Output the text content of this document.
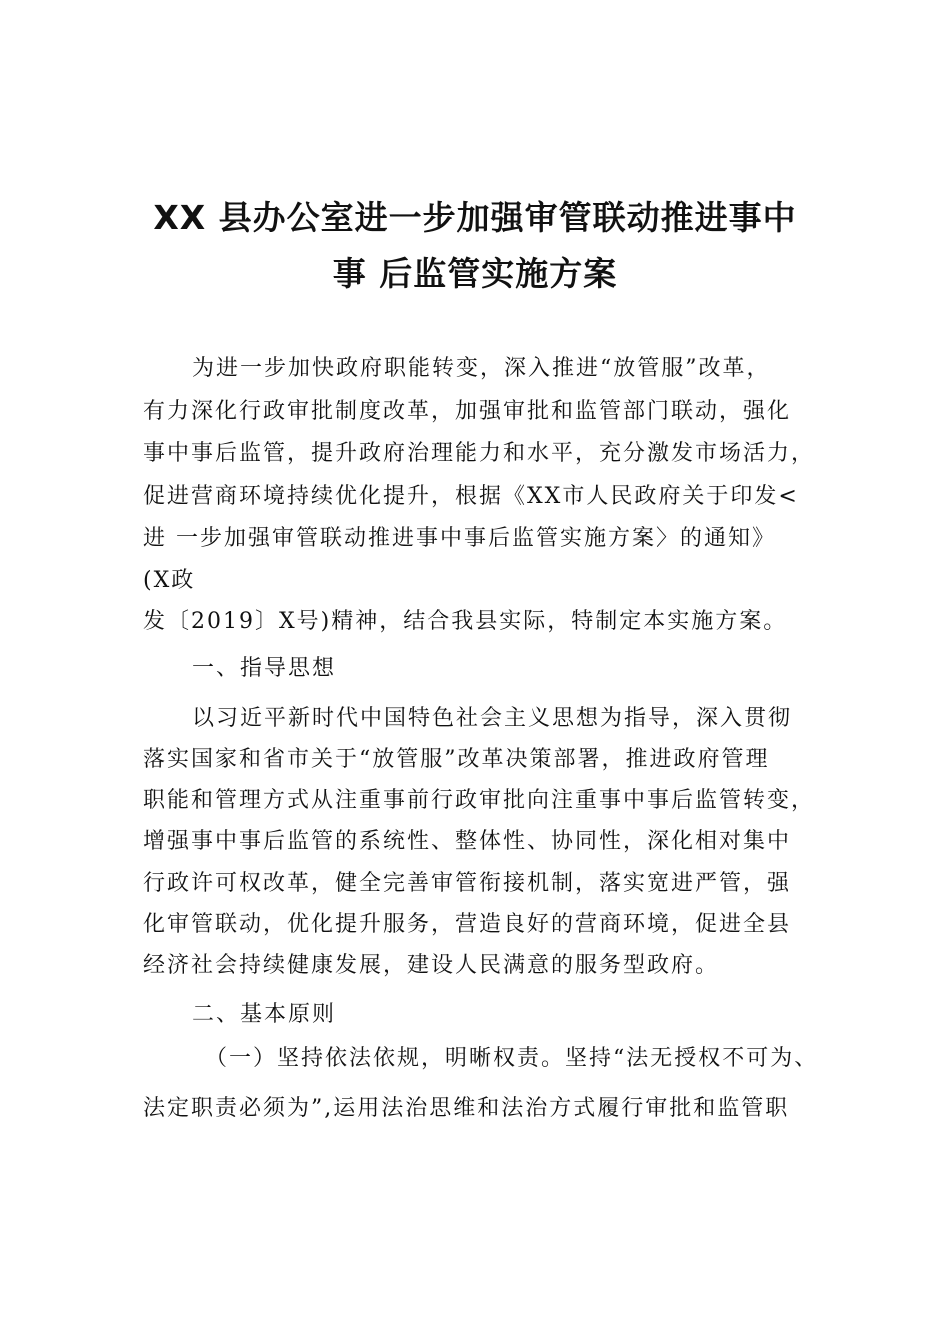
XX 县办公室进一步加强审管联动推进事中
事 后监管实施方案
为进一步加快政府职能转变，深入推进“放管服”改革，
有力深化行政审批制度改革，加强审批和监管部门联动，强化
事中事后监管，提升政府治理能力和水平，充分激发市场活力，
促进营商环境持续优化提升，根据《XX市人民政府关于印发<
进 一步加强审管联动推进事中事后监管实施方案〉的通知》
(X政
发〔2019〕X号)精神，结合我县实际，特制定本实施方案。
一、指导思想
以习近平新时代中国特色社会主义思想为指导，深入贯彻
落实国家和省市关于“放管服”改革决策部署，推进政府管理
职能和管理方式从注重事前行政审批向注重事中事后监管转变，
增强事中事后监管的系统性、整体性、协同性，深化相对集中
行政许可权改革，健全完善审管衔接机制，落实宽进严管，强
化审管联动，优化提升服务，营造良好的营商环境，促进全县
经济社会持续健康发展，建设人民满意的服务型政府。
二、基本原则
（一）坚持依法依规，明晰权责。坚持“法无授权不可为、
法定职责必须为”,运用法治思维和法治方式履行审批和监管职
